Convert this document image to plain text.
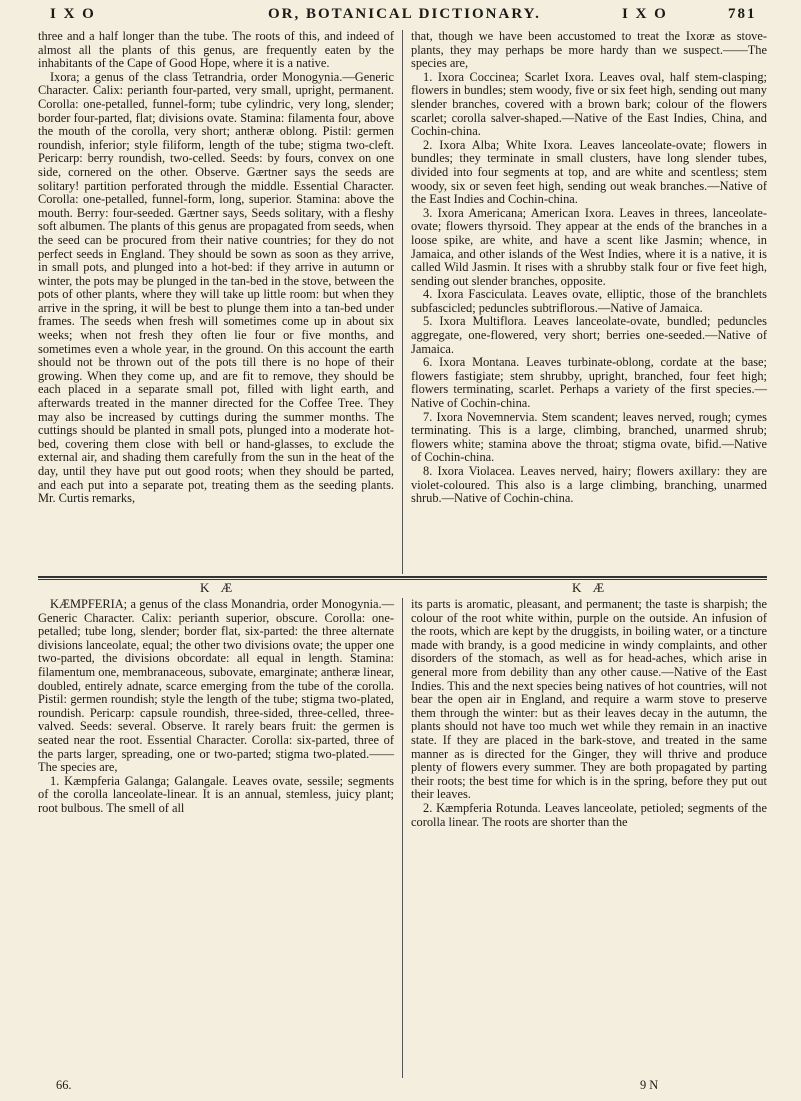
I X O	OR, BOTANICAL DICTIONARY.	I X O	781

three and a half longer than the tube. The roots of this, and indeed of almost all the plants of this genus, are frequently eaten by the inhabitants of the Cape of Good Hope, where it is a native.

Ixora; a genus of the class Tetrandria, order Monogynia.—Generic Character. Calix: perianth four-parted, very small, upright, permanent. Corolla: one-petalled, funnel-form; tube cylindric, very long, slender; border four-parted, flat; divisions ovate. Stamina: filamenta four, above the mouth of the corolla, very short; antheræ oblong. Pistil: germen roundish, inferior; style filiform, length of the tube; stigma two-cleft. Pericarp: berry roundish, two-celled. Seeds: by fours, convex on one side, cornered on the other. Observe. Gærtner says the seeds are solitary! partition perforated through the middle. Essential Character. Corolla: one-petalled, funnel-form, long, superior. Stamina: above the mouth. Berry: four-seeded. Gærtner says, Seeds solitary, with a fleshy soft albumen. The plants of this genus are propagated from seeds, when the seed can be procured from their native countries; for they do not perfect seeds in England. They should be sown as soon as they arrive, in small pots, and plunged into a hot-bed: if they arrive in autumn or winter, the pots may be plunged in the tan-bed in the stove, between the pots of other plants, where they will take up little room: but when they arrive in the spring, it will be best to plunge them into a tan-bed under frames. The seeds when fresh will sometimes come up in about six weeks; when not fresh they often lie four or five months, and sometimes even a whole year, in the ground. On this account the earth should not be thrown out of the pots till there is no hope of their growing. When they come up, and are fit to remove, they should be each placed in a separate small pot, filled with light earth, and afterwards treated in the manner directed for the Coffee Tree. They may also be increased by cuttings during the summer months. The cuttings should be planted in small pots, plunged into a moderate hot-bed, covering them close with bell or hand-glasses, to exclude the external air, and shading them carefully from the sun in the heat of the day, until they have put out good roots; when they should be parted, and each put into a separate pot, treating them as the seeding plants. Mr. Curtis remarks,

that, though we have been accustomed to treat the Ixoræ as stove-plants, they may perhaps be more hardy than we suspect.——The species are,

1. Ixora Coccinea; Scarlet Ixora. Leaves oval, half stem-clasping; flowers in bundles; stem woody, five or six feet high, sending out many slender branches, covered with a brown bark; colour of the flowers scarlet; corolla salver-shaped.—Native of the East Indies, China, and Cochin-china.

2. Ixora Alba; White Ixora. Leaves lanceolate-ovate; flowers in bundles; they terminate in small clusters, have long slender tubes, divided into four segments at top, and are white and scentless; stem woody, six or seven feet high, sending out weak branches.—Native of the East Indies and Cochin-china.

3. Ixora Americana; American Ixora. Leaves in threes, lanceolate-ovate; flowers thyrsoid. They appear at the ends of the branches in a loose spike, are white, and have a scent like Jasmin; whence, in Jamaica, and other islands of the West Indies, where it is a native, it is called Wild Jasmin. It rises with a shrubby stalk four or five feet high, sending out slender branches, opposite.

4. Ixora Fasciculata. Leaves ovate, elliptic, those of the branchlets subfascicled; peduncles subtriflorous.—Native of Jamaica.

5. Ixora Multiflora. Leaves lanceolate-ovate, bundled; peduncles aggregate, one-flowered, very short; berries one-seeded.—Native of Jamaica.

6. Ixora Montana. Leaves turbinate-oblong, cordate at the base; flowers fastigiate; stem shrubby, upright, branched, four feet high; flowers terminating, scarlet. Perhaps a variety of the first species.—Native of Cochin-china.

7. Ixora Novemnervia. Stem scandent; leaves nerved, rough; cymes terminating. This is a large, climbing, branched, unarmed shrub; flowers white; stamina above the throat; stigma ovate, bifid.—Native of Cochin-china.

8. Ixora Violacea. Leaves nerved, hairy; flowers axillary: they are violet-coloured. This also is a large climbing, branching, unarmed shrub.—Native of Cochin-china.

K Æ	K Æ

KÆMPFERIA; a genus of the class Monandria, order Monogynia.—Generic Character. Calix: perianth superior, obscure. Corolla: one-petalled; tube long, slender; border flat, six-parted: the three alternate divisions lanceolate, equal; the other two divisions ovate; the upper one two-parted, the divisions obcordate: all equal in length. Stamina: filamentum one, membranaceous, subovate, emarginate; antheræ linear, doubled, entirely adnate, scarce emerging from the tube of the corolla. Pistil: germen roundish; style the length of the tube; stigma two-plated, roundish. Pericarp: capsule roundish, three-sided, three-celled, three-valved. Seeds: several. Observe. It rarely bears fruit: the germen is seated near the root. Essential Character. Corolla: six-parted, three of the parts larger, spreading, one or two-parted; stigma two-plated.——The species are,

1. Kæmpferia Galanga; Galangale. Leaves ovate, sessile; segments of the corolla lanceolate-linear. It is an annual, stemless, juicy plant; root bulbous. The smell of all

66.

its parts is aromatic, pleasant, and permanent; the taste is sharpish; the colour of the root white within, purple on the outside. An infusion of the roots, which are kept by the druggists, in boiling water, or a tincture made with brandy, is a good medicine in windy complaints, and other disorders of the stomach, as well as for head-aches, which arise in general more from debility than any other cause.—Native of the East Indies. This and the next species being natives of hot countries, will not bear the open air in England, and require a warm stove to preserve them through the winter: but as their leaves decay in the autumn, the plants should not have too much wet while they remain in an inactive state. If they are placed in the bark-stove, and treated in the same manner as is directed for the Ginger, they will thrive and produce plenty of flowers every summer. They are both propagated by parting their roots; the best time for which is in the spring, before they put out their leaves.

2. Kæmpferia Rotunda. Leaves lanceolate, petioled; segments of the corolla linear. The roots are shorter than the

9 N
